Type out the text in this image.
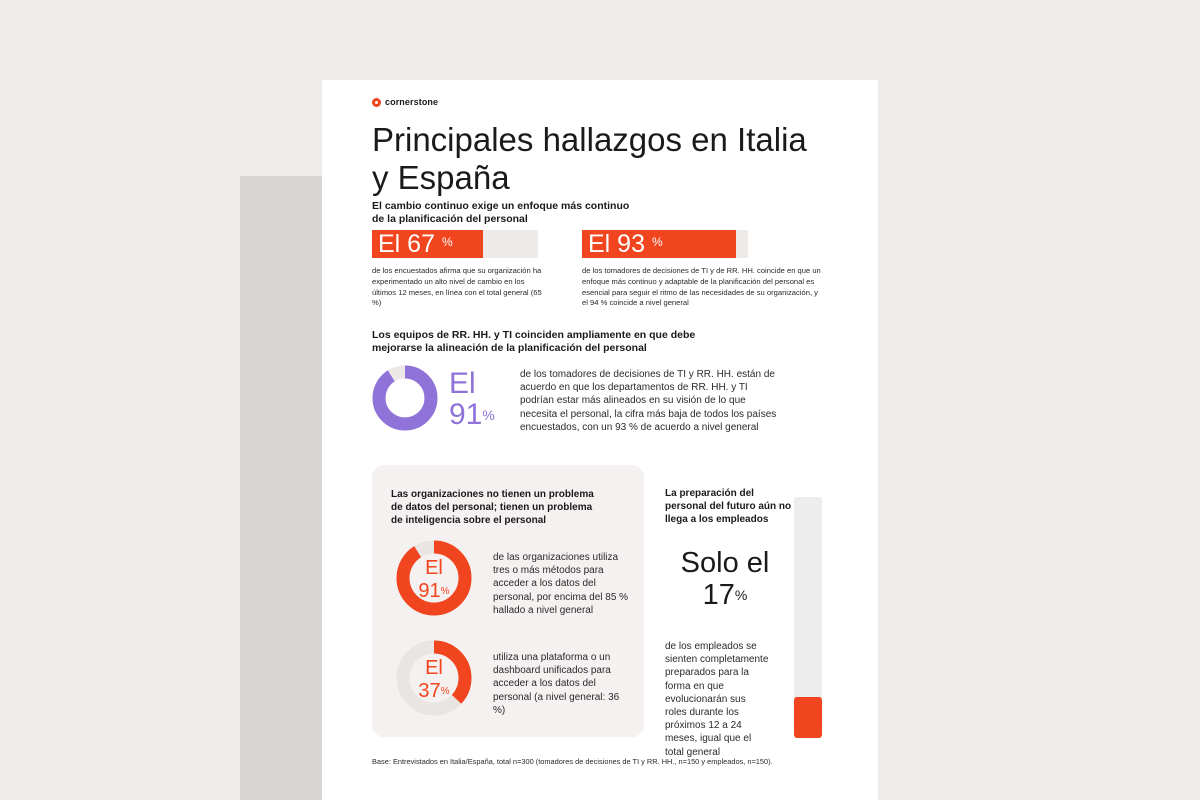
cornerstone
Principales hallazgos en Italia y España
El cambio continuo exige un enfoque más continuo de la planificación del personal
El 67 %
de los encuestados afirma que su organización ha experimentado un alto nivel de cambio en los últimos 12 meses, en línea con el total general (65 %)
El 93 %
de los tomadores de decisiones de TI y de RR. HH. coincide en que un enfoque más continuo y adaptable de la planificación del personal es esencial para seguir el ritmo de las necesidades de su organización, y el 94 % coincide a nivel general
Los equipos de RR. HH. y TI coinciden ampliamente en que debe mejorarse la alineación de la planificación del personal
El
91%
de los tomadores de decisiones de TI y RR. HH. están de acuerdo en que los departamentos de RR. HH. y TI podrían estar más alineados en su visión de lo que necesita el personal, la cifra más baja de todos los países encuestados, con un 93 % de acuerdo a nivel general
Las organizaciones no tienen un problema de datos del personal; tienen un problema de inteligencia sobre el personal
El
91%
de las organizaciones utiliza tres o más métodos para acceder a los datos del personal, por encima del 85 % hallado a nivel general
El
37%
utiliza una plataforma o un dashboard unificados para acceder a los datos del personal (a nivel general: 36 %)
La preparación del personal del futuro aún no llega a los empleados
Solo el
17%
de los empleados se sienten completamente preparados para la forma en que evolucionarán sus roles durante los próximos 12 a 24 meses, igual que el total general
Base: Entrevistados en Italia/España, total n=300 (tomadores de decisiones de TI y RR. HH., n=150 y empleados, n=150).
